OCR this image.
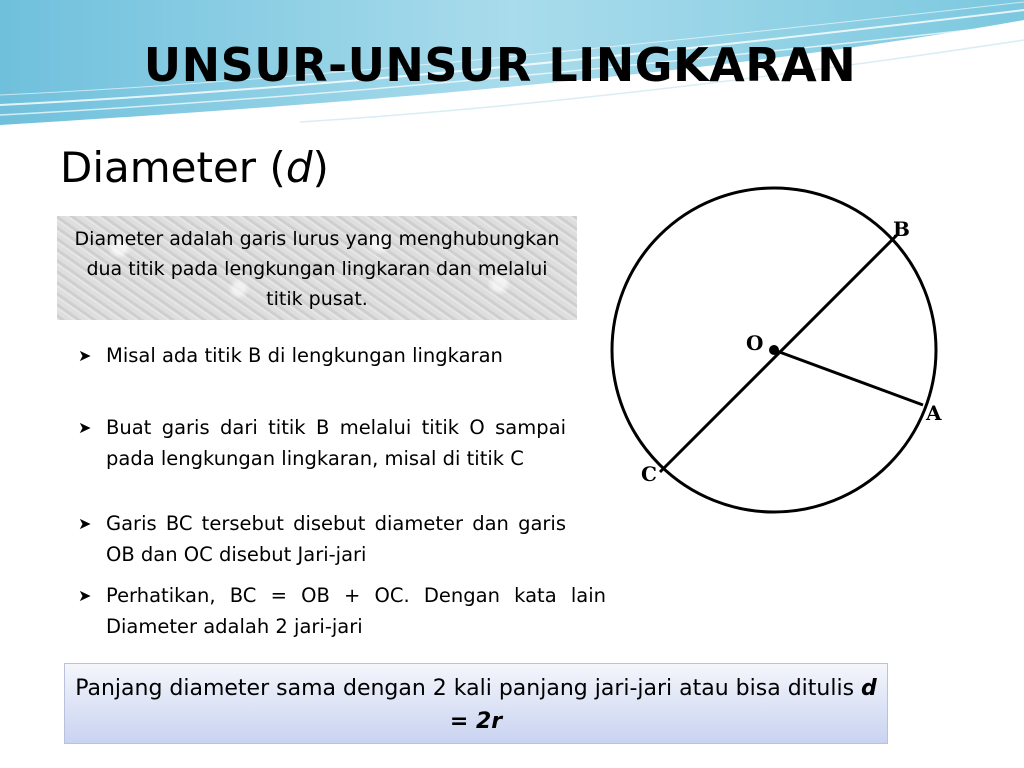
UNSUR-UNSUR LINGKARAN
Diameter (d)
Diameter adalah garis lurus yang menghubungkan dua titik pada lengkungan lingkaran dan melalui titik pusat.
➤ Misal ada titik B di lengkungan lingkaran
➤ Buat garis dari titik B melalui titik O sampai pada lengkungan lingkaran, misal di titik C
➤ Garis BC tersebut disebut diameter dan garis OB dan OC disebut Jari-jari
➤ Perhatikan, BC = OB + OC. Dengan kata lain Diameter adalah 2 jari-jari
O
B
A
C
Panjang diameter sama dengan 2 kali panjang jari-jari atau bisa ditulis d = 2r
